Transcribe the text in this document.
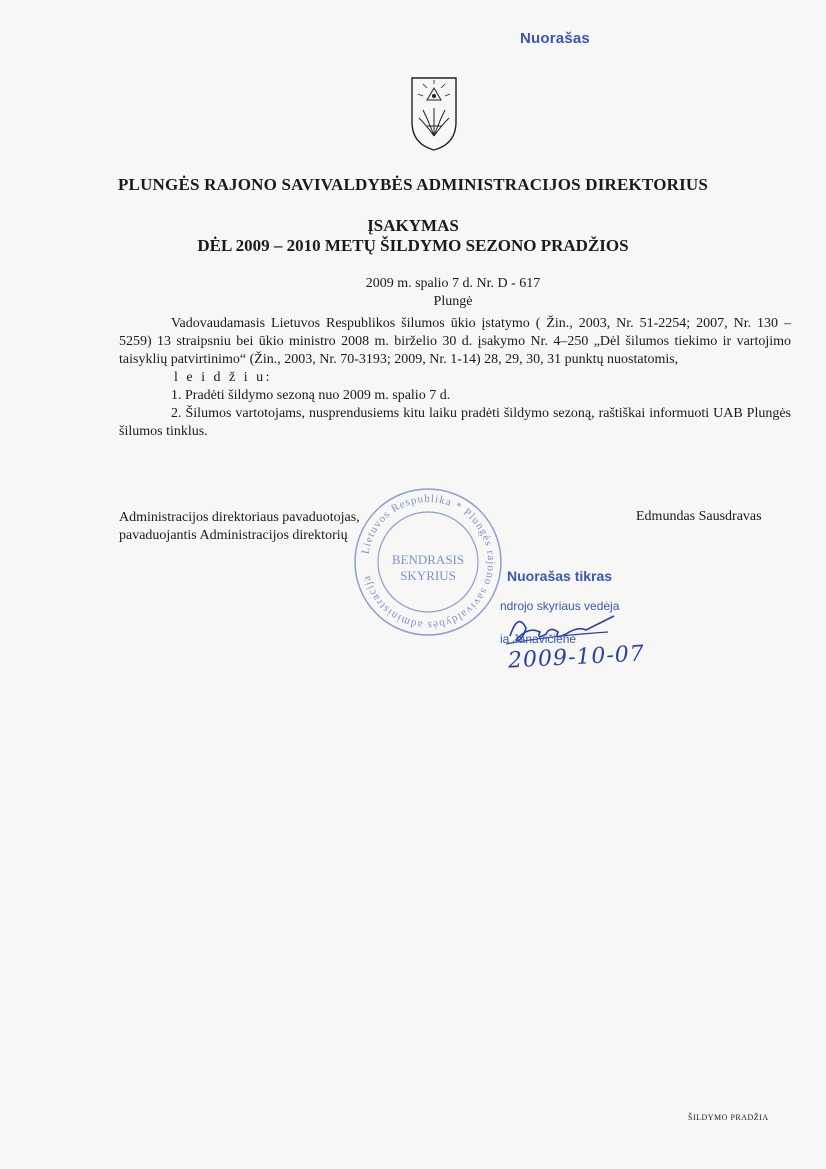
Nuorašas
PLUNGĖS RAJONO SAVIVALDYBĖS ADMINISTRACIJOS DIREKTORIUS
ĮSAKYMAS
DĖL 2009 – 2010 METŲ ŠILDYMO SEZONO PRADŽIOS
2009 m. spalio 7 d. Nr. D - 617
Plungė

Vadovaudamasis Lietuvos Respublikos šilumos ūkio įstatymo ( Žin., 2003, Nr. 51-2254; 2007, Nr. 130 – 5259) 13 straipsniu bei ūkio ministro 2008 m. birželio 30 d. įsakymo Nr. 4–250 „Dėl šilumos tiekimo ir vartojimo taisyklių patvirtinimo“ (Žin., 2003, Nr. 70-3193; 2009, Nr. 1-14) 28, 29, 30, 31 punktų nuostatomis,

l e i d ž i u:

1. Pradėti šildymo sezoną nuo 2009 m. spalio 7 d.

2. Šilumos vartotojams, nusprendusiems kitu laiku pradėti šildymo sezoną, raštiškai informuoti UAB Plungės šilumos tinklus.

Administracijos direktoriaus pavaduotojas,
pavaduojantis Administracijos direktorių
Edmundas Sausdravas
Lietuvos Respublika * Plungės rajono savivaldybės administracija
BENDRASIS
SKYRIUS	Nuorašas tikras
ndrojo skyriaus vedėja
ia Janavičienė
2009-10-07
ŠILDYMO PRADŽIA
